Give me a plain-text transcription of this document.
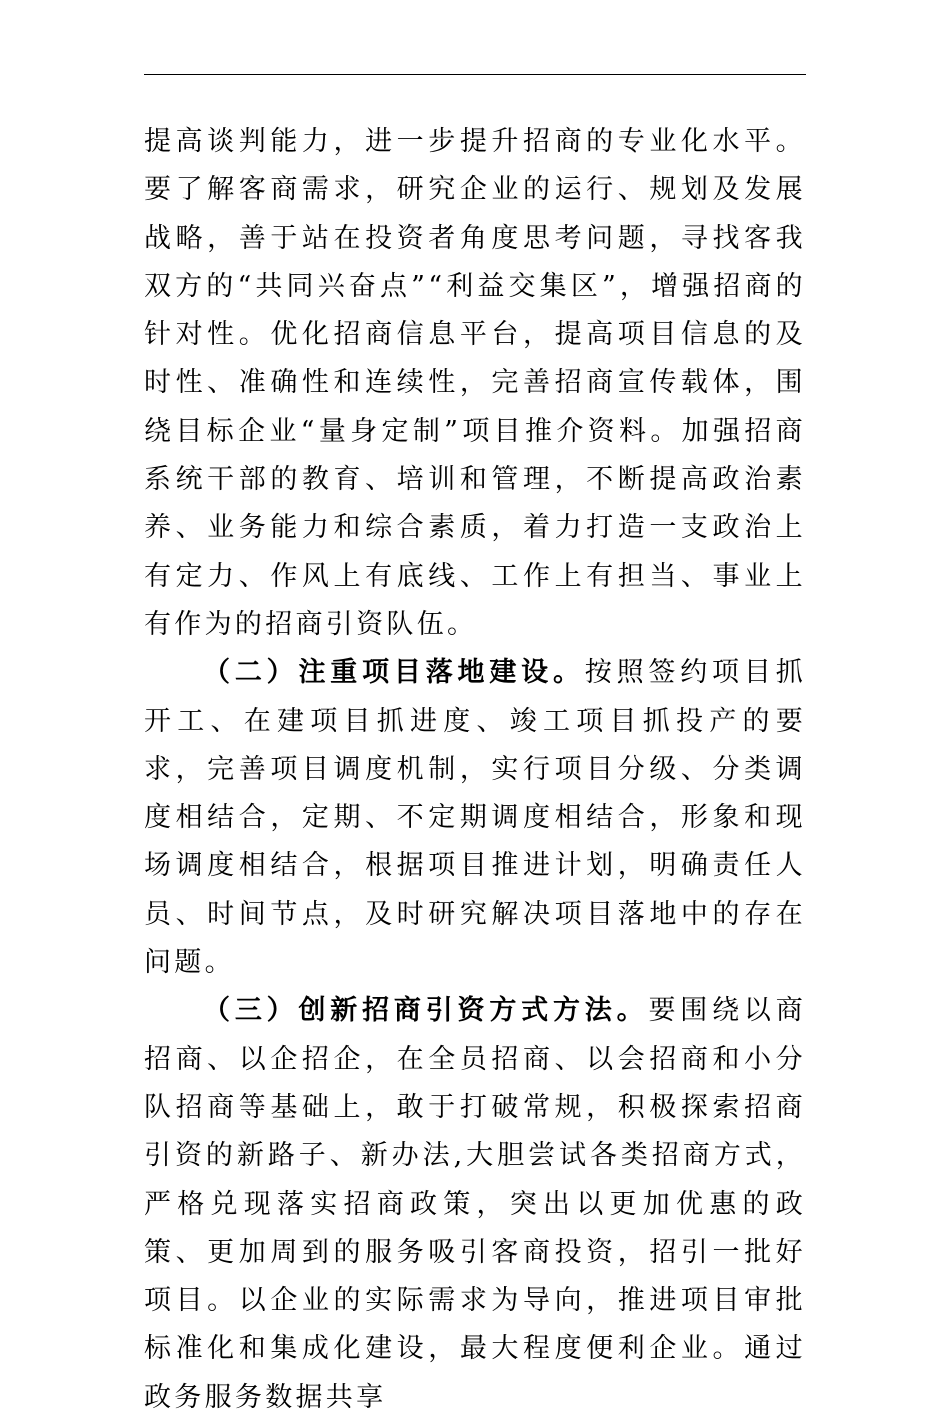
提高谈判能力，进一步提升招商的专业化水平。要了解客商需求，研究企业的运行、规划及发展战略，善于站在投资者角度思考问题，寻找客我双方的“共同兴奋点”“利益交集区”，增强招商的针对性。优化招商信息平台，提高项目信息的及时性、准确性和连续性，完善招商宣传载体，围绕目标企业“量身定制”项目推介资料。加强招商系统干部的教育、培训和管理，不断提高政治素养、业务能力和综合素质，着力打造一支政治上有定力、作风上有底线、工作上有担当、事业上有作为的招商引资队伍。

（二）注重项目落地建设。按照签约项目抓开工、在建项目抓进度、竣工项目抓投产的要求，完善项目调度机制，实行项目分级、分类调度相结合，定期、不定期调度相结合，形象和现场调度相结合，根据项目推进计划，明确责任人员、时间节点，及时研究解决项目落地中的存在问题。

（三）创新招商引资方式方法。要围绕以商招商、以企招企，在全员招商、以会招商和小分队招商等基础上，敢于打破常规，积极探索招商引资的新路子、新办法,大胆尝试各类招商方式，严格兑现落实招商政策，突出以更加优惠的政策、更加周到的服务吸引客商投资，招引一批好项目。以企业的实际需求为导向，推进项目审批标准化和集成化建设，最大程度便利企业。通过政务服务数据共享
